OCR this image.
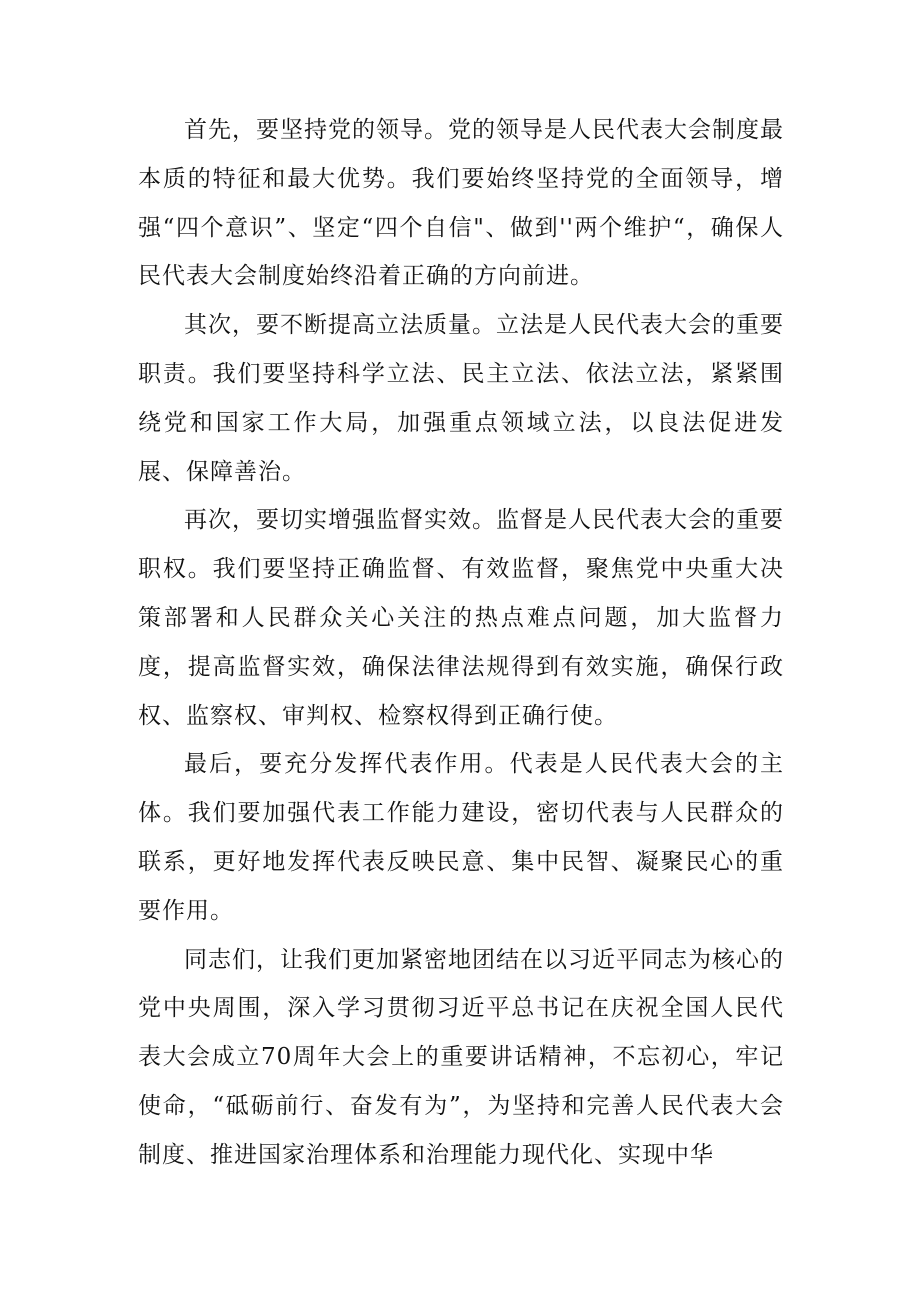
首先，要坚持党的领导。党的领导是人民代表大会制度最本质的特征和最大优势。我们要始终坚持党的全面领导，增强“四个意识”、坚定“四个自信"、做到''两个维护“，确保人民代表大会制度始终沿着正确的方向前进。

其次，要不断提高立法质量。立法是人民代表大会的重要职责。我们要坚持科学立法、民主立法、依法立法，紧紧围绕党和国家工作大局，加强重点领域立法，以良法促进发展、保障善治。

再次，要切实增强监督实效。监督是人民代表大会的重要职权。我们要坚持正确监督、有效监督，聚焦党中央重大决策部署和人民群众关心关注的热点难点问题，加大监督力度，提高监督实效，确保法律法规得到有效实施，确保行政权、监察权、审判权、检察权得到正确行使。

最后，要充分发挥代表作用。代表是人民代表大会的主体。我们要加强代表工作能力建设，密切代表与人民群众的联系，更好地发挥代表反映民意、集中民智、凝聚民心的重要作用。

同志们，让我们更加紧密地团结在以习近平同志为核心的党中央周围，深入学习贯彻习近平总书记在庆祝全国人民代表大会成立70周年大会上的重要讲话精神，不忘初心，牢记使命，“砥砺前行、奋发有为”，为坚持和完善人民代表大会制度、推进国家治理体系和治理能力现代化、实现中华
